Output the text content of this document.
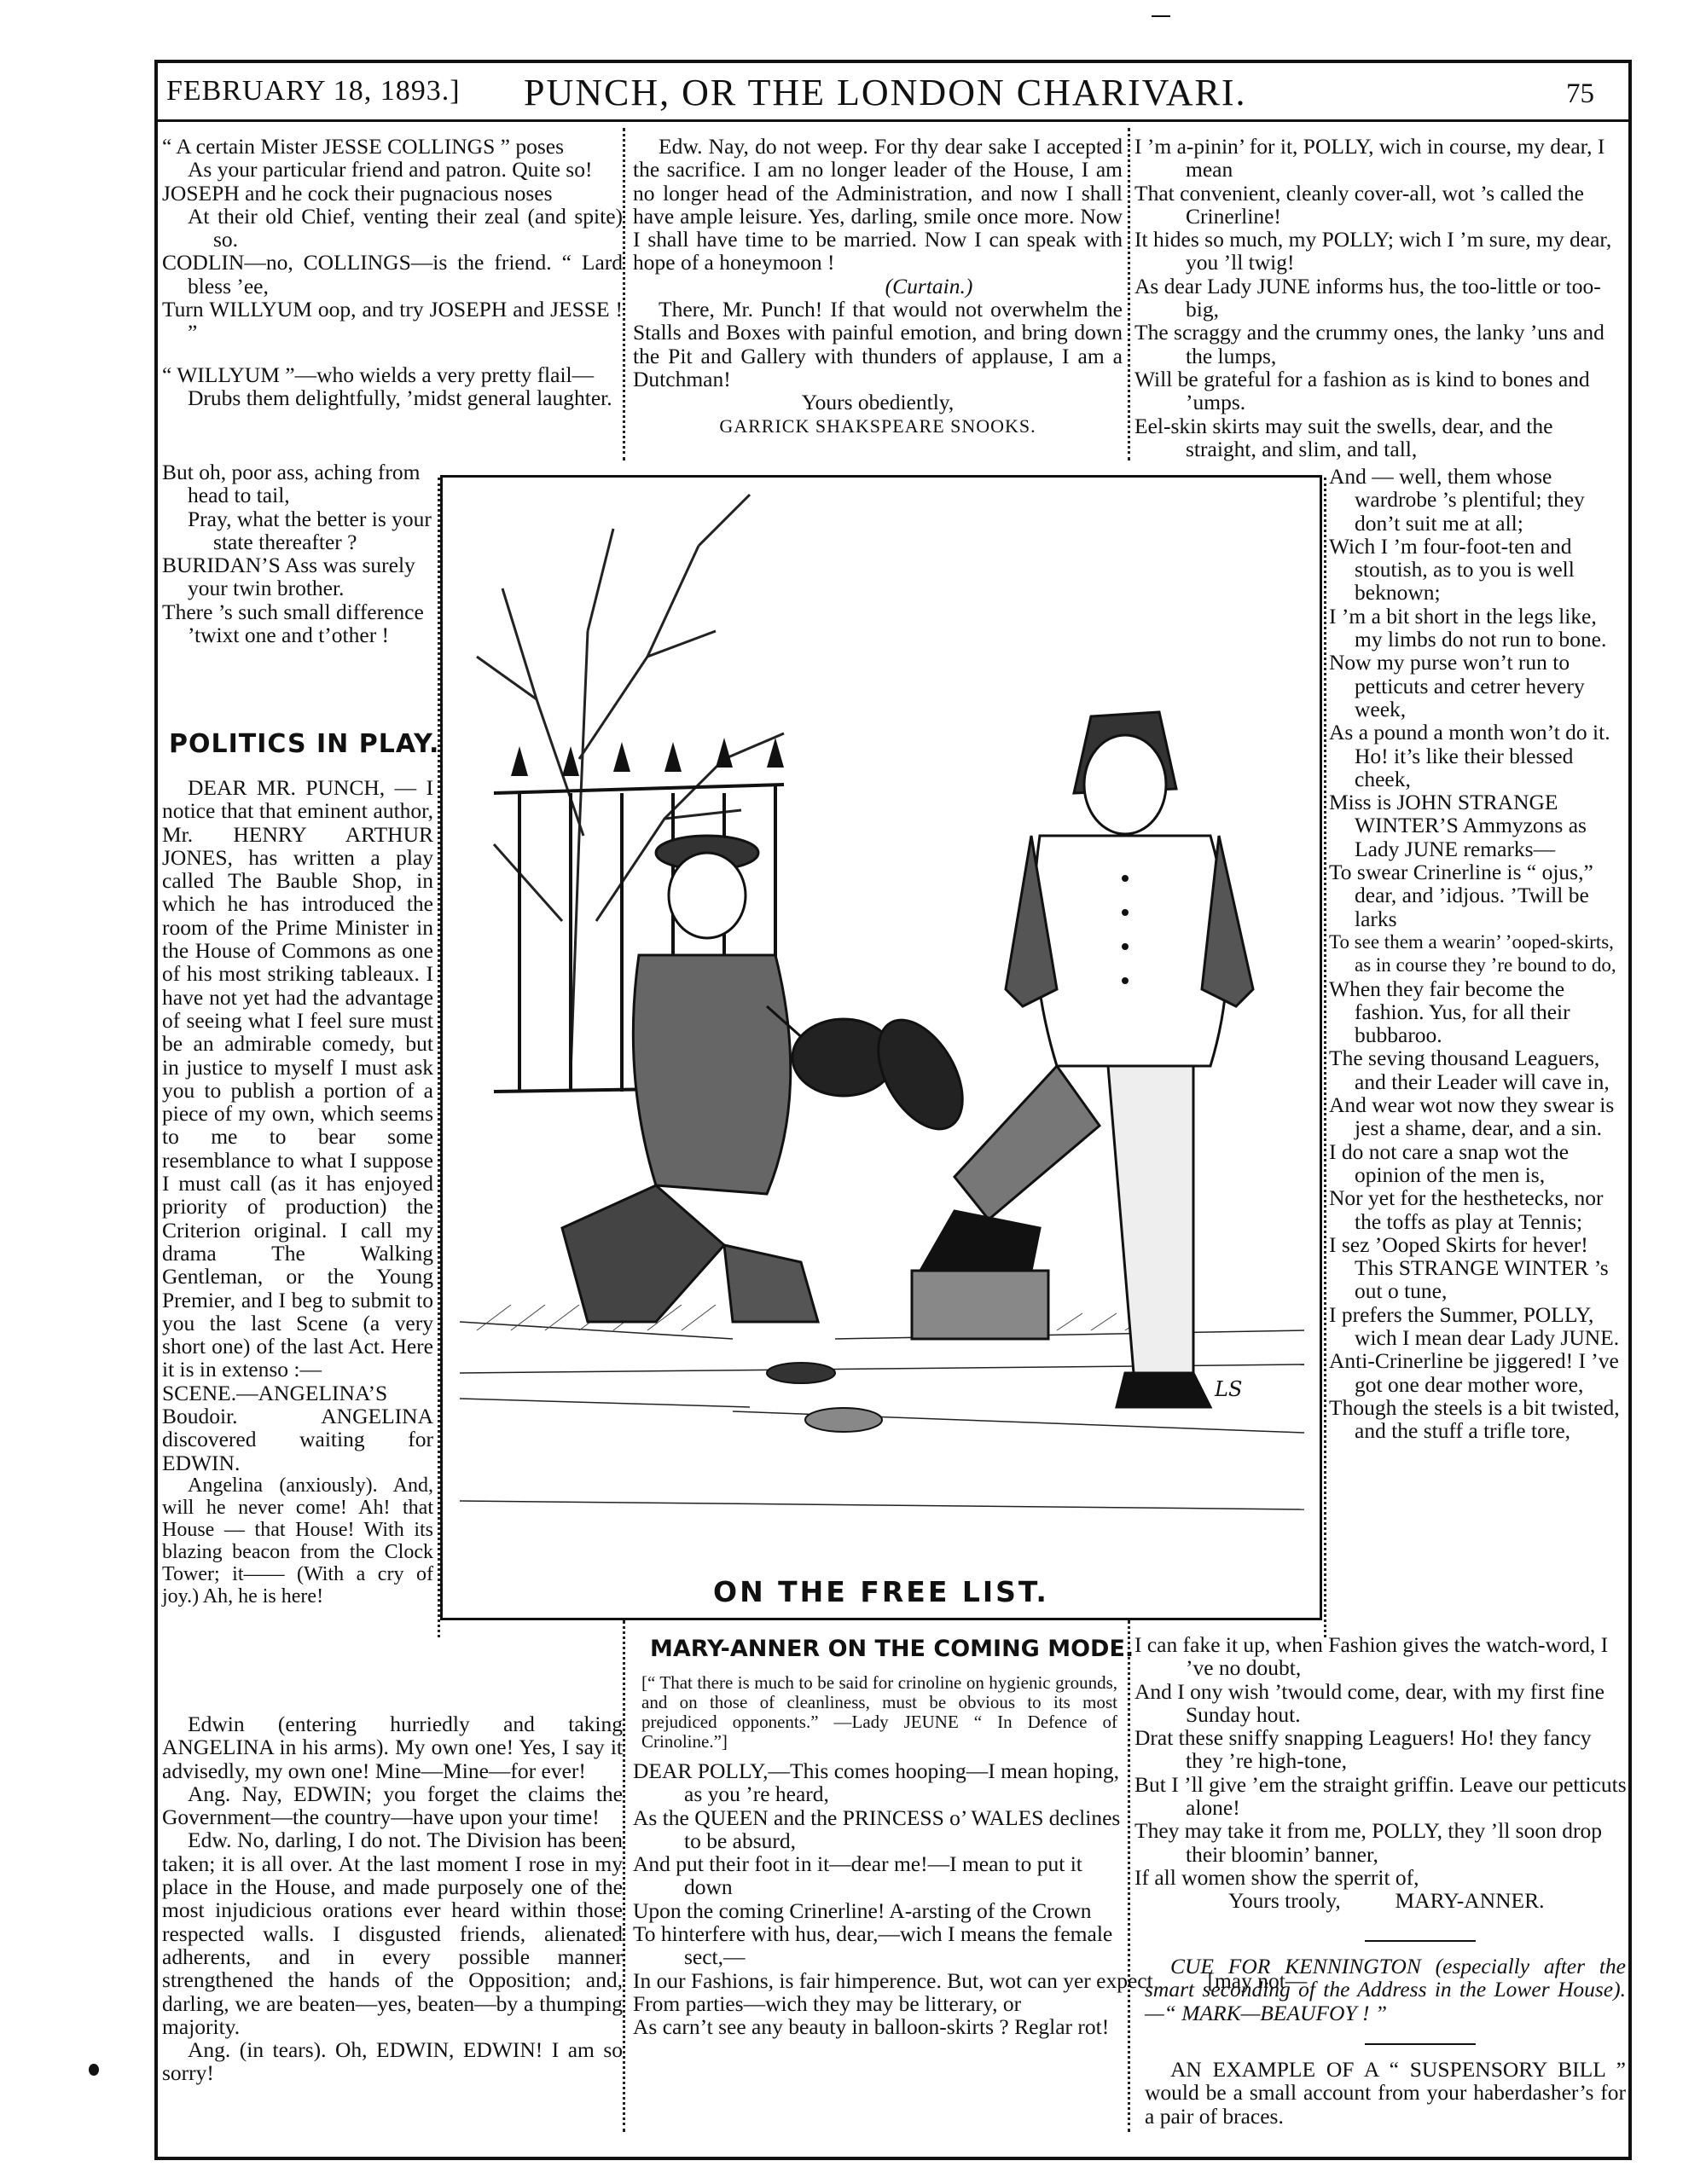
FEBRUARY 18, 1893.] PUNCH, OR THE LONDON CHARIVARI.	75

“ A certain Mister JESSE COLLINGS ” poses

As your particular friend and patron. Quite so!

JOSEPH and he cock their pugnacious noses

At their old Chief, venting their zeal (and spite) so.

CODLIN—no, COLLINGS—is the friend. “ Lard bless ’ee,

Turn WILLYUM oop, and try JOSEPH and JESSE ! ”

“ WILLYUM ”—who wields a very pretty flail—

Drubs them delightfully, ’midst general laughter.

But oh, poor ass, aching from head to tail,

Pray, what the better is your state thereafter ?

BURIDAN’S Ass was surely your twin brother.

There ’s such small difference ’twixt one and t’other !

POLITICS IN PLAY.

DEAR MR. PUNCH, — I notice that that eminent author, Mr. HENRY ARTHUR JONES, has written a play called The Bauble Shop, in which he has introduced the room of the Prime Minister in the House of Commons as one of his most striking tableaux. I have not yet had the advantage of seeing what I feel sure must be an admirable comedy, but in justice to myself I must ask you to publish a portion of a piece of my own, which seems to me to bear some resemblance to what I suppose I must call (as it has enjoyed priority of production) the Criterion original. I call my drama The Walking Gentleman, or the Young Premier, and I beg to submit to you the last Scene (a very short one) of the last Act. Here it is in extenso :—

SCENE.—ANGELINA’S Boudoir. ANGELINA discovered waiting for EDWIN.

Angelina (anxiously). And, will he never come! Ah! that House — that House! With its blazing beacon from the Clock Tower; it—— (With a cry of joy.) Ah, he is here!

Edwin (entering hurriedly and taking ANGELINA in his arms). My own one! Yes, I say it advisedly, my own one! Mine—Mine—for ever!

Ang. Nay, EDWIN; you forget the claims the Government—the country—have upon your time!

Edw. No, darling, I do not. The Division has been taken; it is all over. At the last moment I rose in my place in the House, and made purposely one of the most injudicious orations ever heard within those respected walls. I disgusted friends, alienated adherents, and in every possible manner strengthened the hands of the Opposition; and, darling, we are beaten—yes, beaten—by a thumping majority.

Ang. (in tears). Oh, EDWIN, EDWIN! I am so sorry!

Edw. Nay, do not weep. For thy dear sake I accepted the sacrifice. I am no longer leader of the House, I am no longer head of the Administration, and now I shall have ample leisure. Yes, darling, smile once more. Now I shall have time to be married. Now I can speak with hope of a honeymoon !

(Curtain.)

There, Mr. Punch! If that would not overwhelm the Stalls and Boxes with painful emotion, and bring down the Pit and Gallery with thunders of applause, I am a Dutchman!

Yours obediently,

GARRICK SHAKSPEARE SNOOKS.

LS
ON THE FREE LIST.

I ’m a-pinin’ for it, POLLY, wich in course, my dear, I mean

That convenient, cleanly cover-all, wot ’s called the Crinerline!

It hides so much, my POLLY; wich I ’m sure, my dear, you ’ll twig!

As dear Lady JUNE informs hus, the too-little or too-big,

The scraggy and the crummy ones, the lanky ’uns and the lumps,

Will be grateful for a fashion as is kind to bones and ’umps.

Eel-skin skirts may suit the swells, dear, and the straight, and slim, and tall,

And — well, them whose wardrobe ’s plentiful; they don’t suit me at all;

Wich I ’m four-foot-ten and stoutish, as to you is well beknown;

I ’m a bit short in the legs like, my limbs do not run to bone.

Now my purse won’t run to petticuts and cetrer hevery week,

As a pound a month won’t do it. Ho! it’s like their blessed cheek,

Miss is JOHN STRANGE WINTER’S Ammyzons as Lady JUNE remarks—

To swear Crinerline is “ ojus,” dear, and ’idjous. ’Twill be larks

To see them a wearin’ ’ooped-skirts, as in course they ’re bound to do,

When they fair become the fashion. Yus, for all their bubbaroo.

The seving thousand Leaguers, and their Leader will cave in,

And wear wot now they swear is jest a shame, dear, and a sin.

I do not care a snap wot the opinion of the men is,

Nor yet for the hesthetecks, nor the toffs as play at Tennis;

I sez ’Ooped Skirts for hever! This STRANGE WINTER ’s out o tune,

I prefers the Summer, POLLY, wich I mean dear Lady JUNE.

Anti-Crinerline be jiggered! I ’ve got one dear mother wore,

Though the steels is a bit twisted, and the stuff a trifle tore,

MARY-ANNER ON THE COMING MODE.
[“ That there is much to be said for crinoline on hygienic grounds, and on those of cleanliness, must be obvious to its most prejudiced opponents.” —Lady JEUNE “ In Defence of Crinoline.”]

DEAR POLLY,—This comes hooping—I mean hoping, as you ’re heard,

As the QUEEN and the PRINCESS o’ WALES declines to be absurd,

And put their foot in it—dear me!—I mean to put it down

Upon the coming Crinerline! A-arsting of the Crown

To hinterfere with hus, dear,—wich I means the female sect,—

In our Fashions, is fair himperence. But, wot can yer expect          [may not—

From parties—wich they may be litterary, or

As carn’t see any beauty in balloon-skirts ? Reglar rot!

I can fake it up, when Fashion gives the watch-word, I ’ve no doubt,

And I ony wish ’twould come, dear, with my first fine Sunday hout.

Drat these sniffy snapping Leaguers! Ho! they fancy they ’re high-tone,

But I ’ll give ’em the straight griffin. Leave our petticuts alone!

They may take it from me, POLLY, they ’ll soon drop their bloomin’ banner,

If all women show the sperrit of,

Yours trooly,          MARY-ANNER.

CUE FOR KENNINGTON (especially after the smart seconding of the Address in the Lower House).—“ MARK—BEAUFOY ! ”
AN EXAMPLE OF A “ SUSPENSORY BILL ” would be a small account from your haberdasher’s for a pair of braces.
